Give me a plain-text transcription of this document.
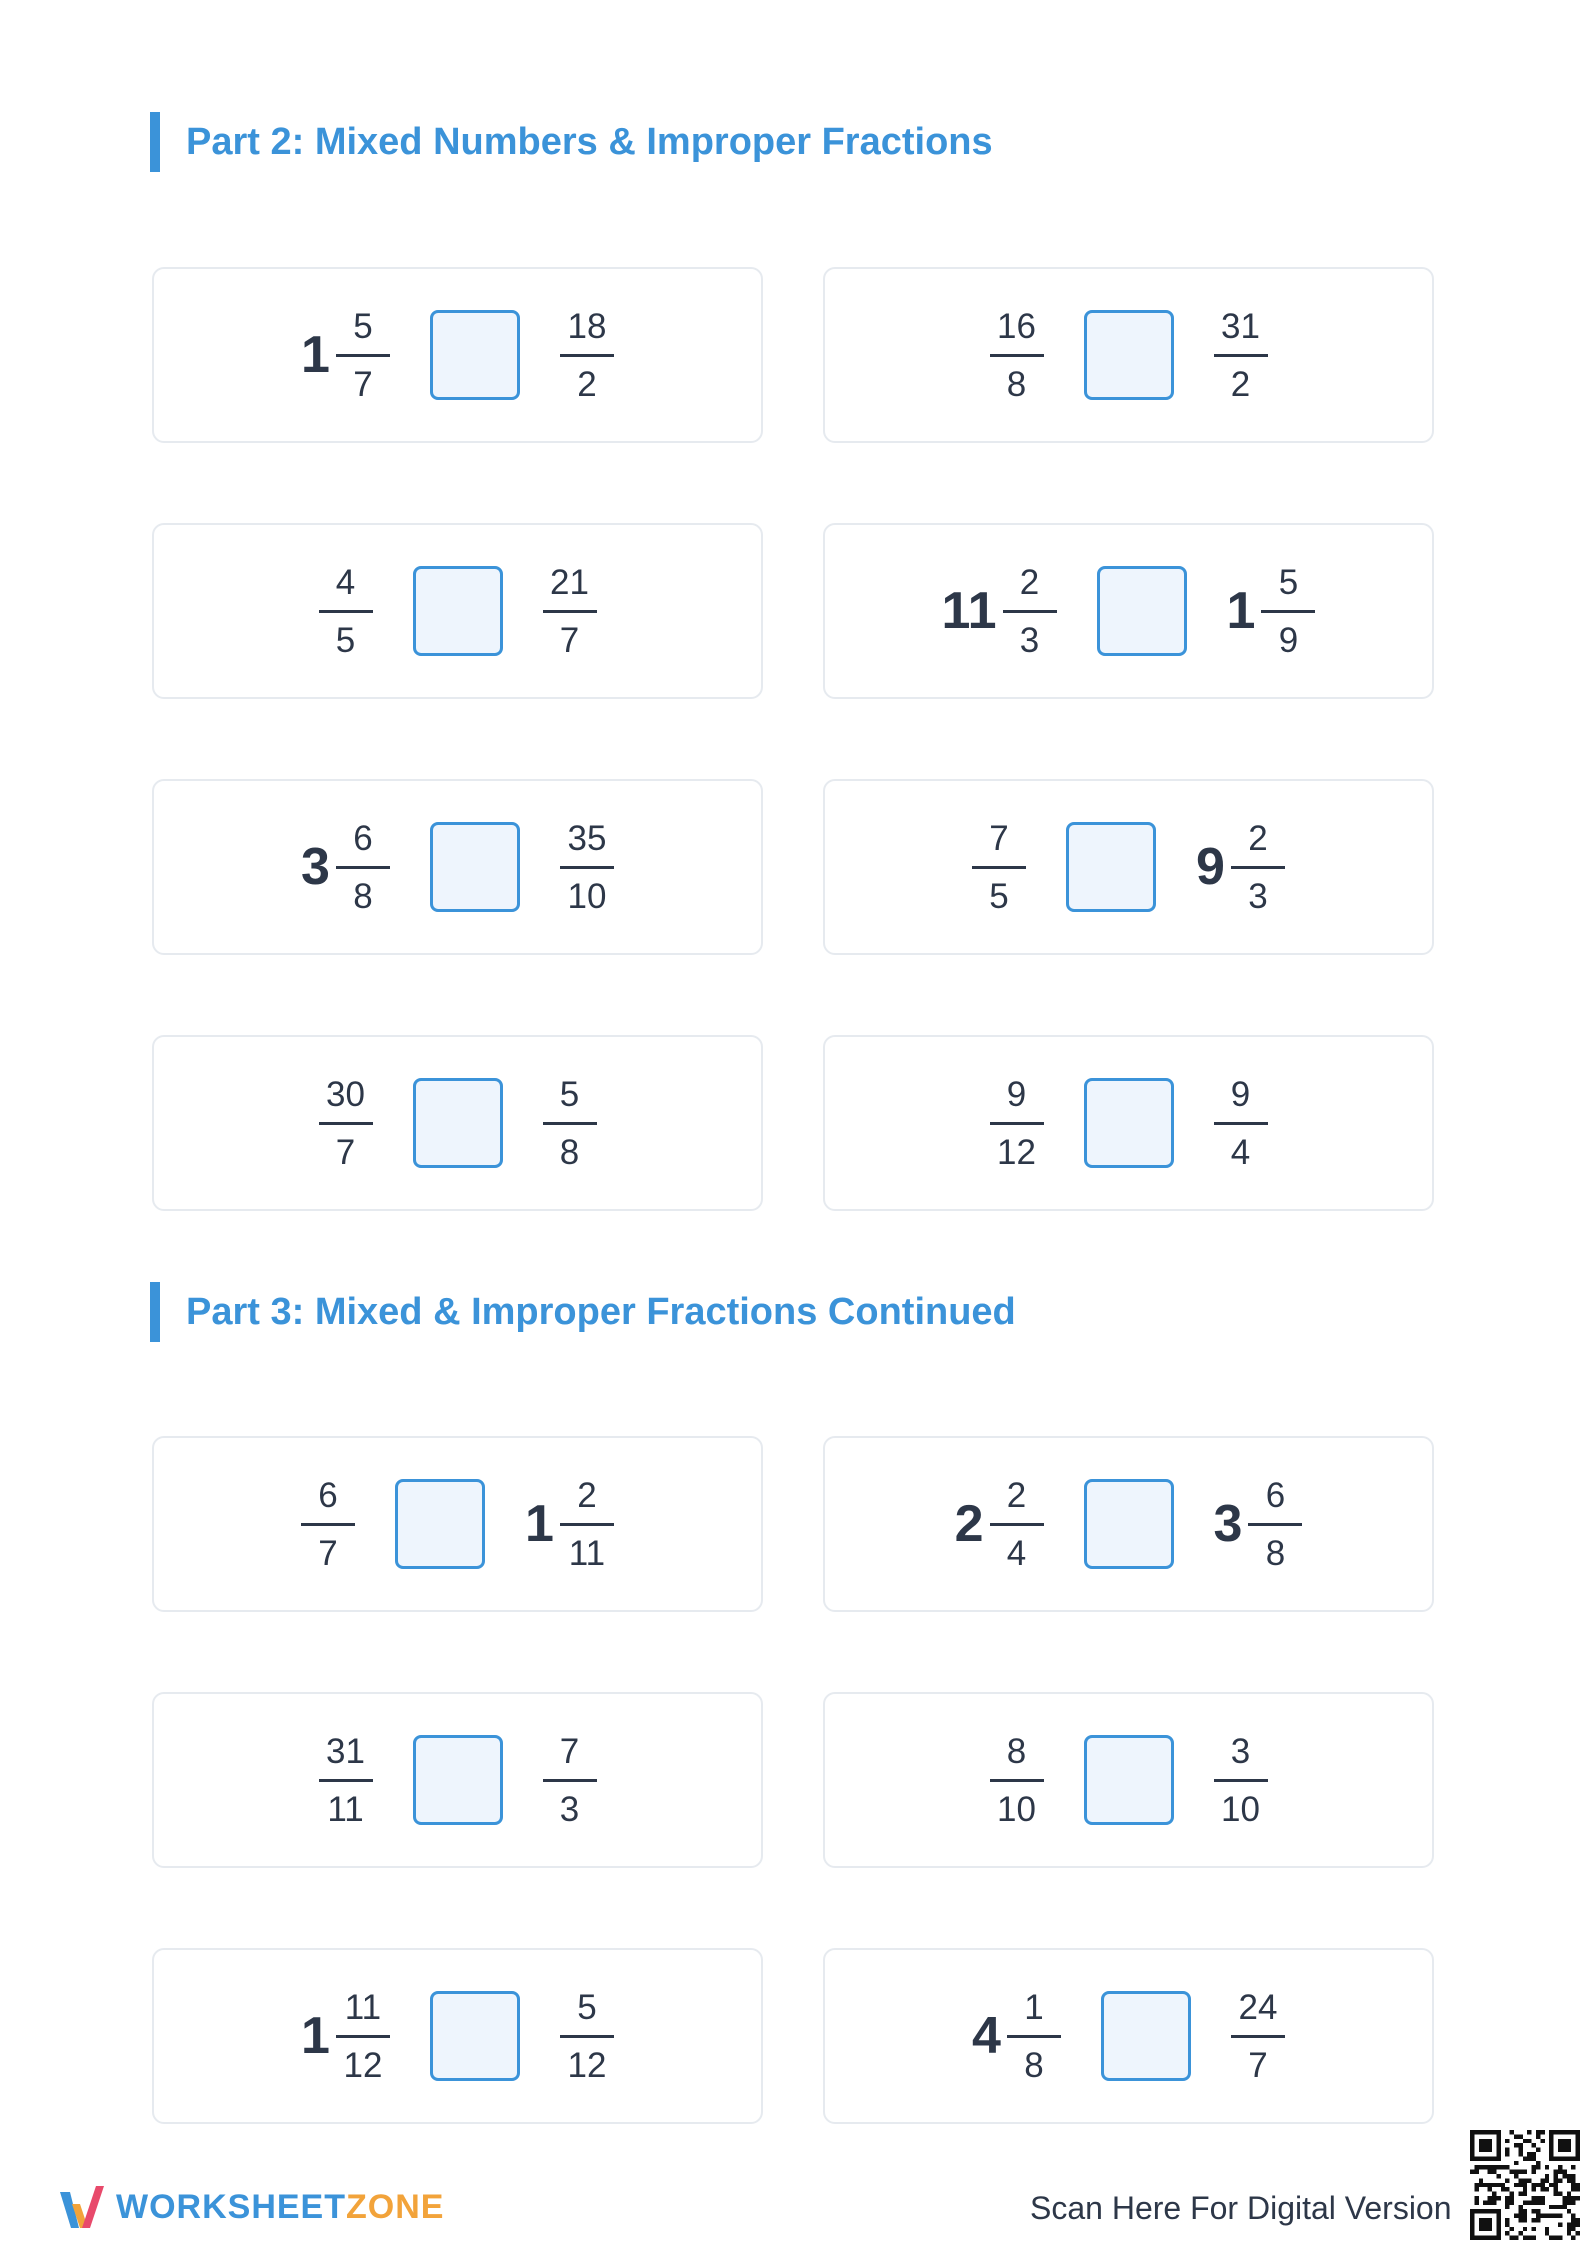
Part 2: Mixed Numbers & Improper Fractions
$1 \frac{5}{7}$	$\frac{18}{2}$	$\frac{16}{8}$	$\frac{31}{2}$
$\frac{4}{5}$	$\frac{21}{7}$	$11 \frac{2}{3}$	$1 \frac{5}{9}$
$3 \frac{6}{8}$	$\frac{35}{10}$	$\frac{7}{5}$	$9 \frac{2}{3}$
$\frac{30}{7}$	$\frac{5}{8}$	$\frac{9}{12}$	$\frac{9}{4}$
Part 3: Mixed & Improper Fractions Continued
$\frac{6}{7}$	$1 \frac{2}{11}$	$2 \frac{2}{4}$	$3 \frac{6}{8}$
$\frac{31}{11}$	$\frac{7}{3}$	$\frac{8}{10}$	$\frac{3}{10}$
$1 \frac{11}{12}$	$\frac{5}{12}$	$4 \frac{1}{8}$	$\frac{24}{7}$
WORKSHEETZONE	Scan Here For Digital Version
